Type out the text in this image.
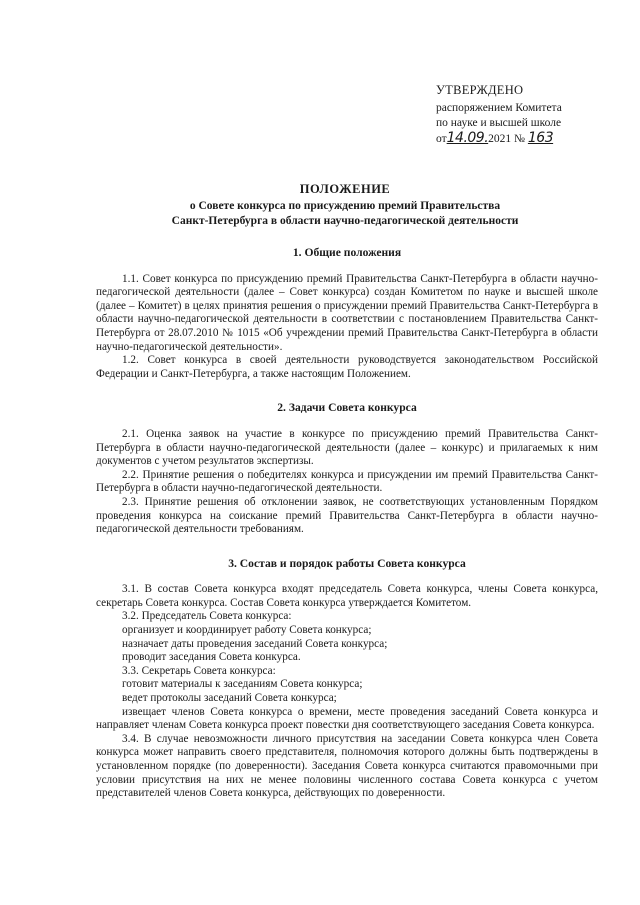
УТВЕРЖДЕНО
распоряжением Комитета
по науке и высшей школе
от14.09.2021 № 163
ПОЛОЖЕНИЕ
о Совете конкурса по присуждению премий Правительства
Санкт-Петербурга в области научно-педагогической деятельности
1. Общие положения
1.1. Совет конкурса по присуждению премий Правительства Санкт-Петербурга в области научно-педагогической деятельности (далее – Совет конкурса) создан Комитетом по науке и высшей школе (далее – Комитет) в целях принятия решения о присуждении премий Правительства Санкт-Петербурга в области научно-педагогической деятельности в соответствии с постановлением Правительства Санкт-Петербурга от 28.07.2010 № 1015 «Об учреждении премий Правительства Санкт-Петербурга в области научно-педагогической деятельности».
1.2. Совет конкурса в своей деятельности руководствуется законодательством Российской Федерации и Санкт-Петербурга, а также настоящим Положением.
2. Задачи Совета конкурса
2.1. Оценка заявок на участие в конкурсе по присуждению премий Правительства Санкт-Петербурга в области научно-педагогической деятельности (далее – конкурс) и прилагаемых к ним документов с учетом результатов экспертизы.
2.2. Принятие решения о победителях конкурса и присуждении им премий Правительства Санкт-Петербурга в области научно-педагогической деятельности.
2.3. Принятие решения об отклонении заявок, не соответствующих установленным Порядком проведения конкурса на соискание премий Правительства Санкт-Петербурга в области научно-педагогической деятельности требованиям.
3. Состав и порядок работы Совета конкурса
3.1. В состав Совета конкурса входят председатель Совета конкурса, члены Совета конкурса, секретарь Совета конкурса. Состав Совета конкурса утверждается Комитетом.
3.2. Председатель Совета конкурса:
организует и координирует работу Совета конкурса;
назначает даты проведения заседаний Совета конкурса;
проводит заседания Совета конкурса.
3.3. Секретарь Совета конкурса:
готовит материалы к заседаниям Совета конкурса;
ведет протоколы заседаний Совета конкурса;
извещает членов Совета конкурса о времени, месте проведения заседаний Совета конкурса и направляет членам Совета конкурса проект повестки дня соответствующего заседания Совета конкурса.
3.4. В случае невозможности личного присутствия на заседании Совета конкурса член Совета конкурса может направить своего представителя, полномочия которого должны быть подтверждены в установленном порядке (по доверенности). Заседания Совета конкурса считаются правомочными при условии присутствия на них не менее половины численного состава Совета конкурса с учетом представителей членов Совета конкурса, действующих по доверенности.
